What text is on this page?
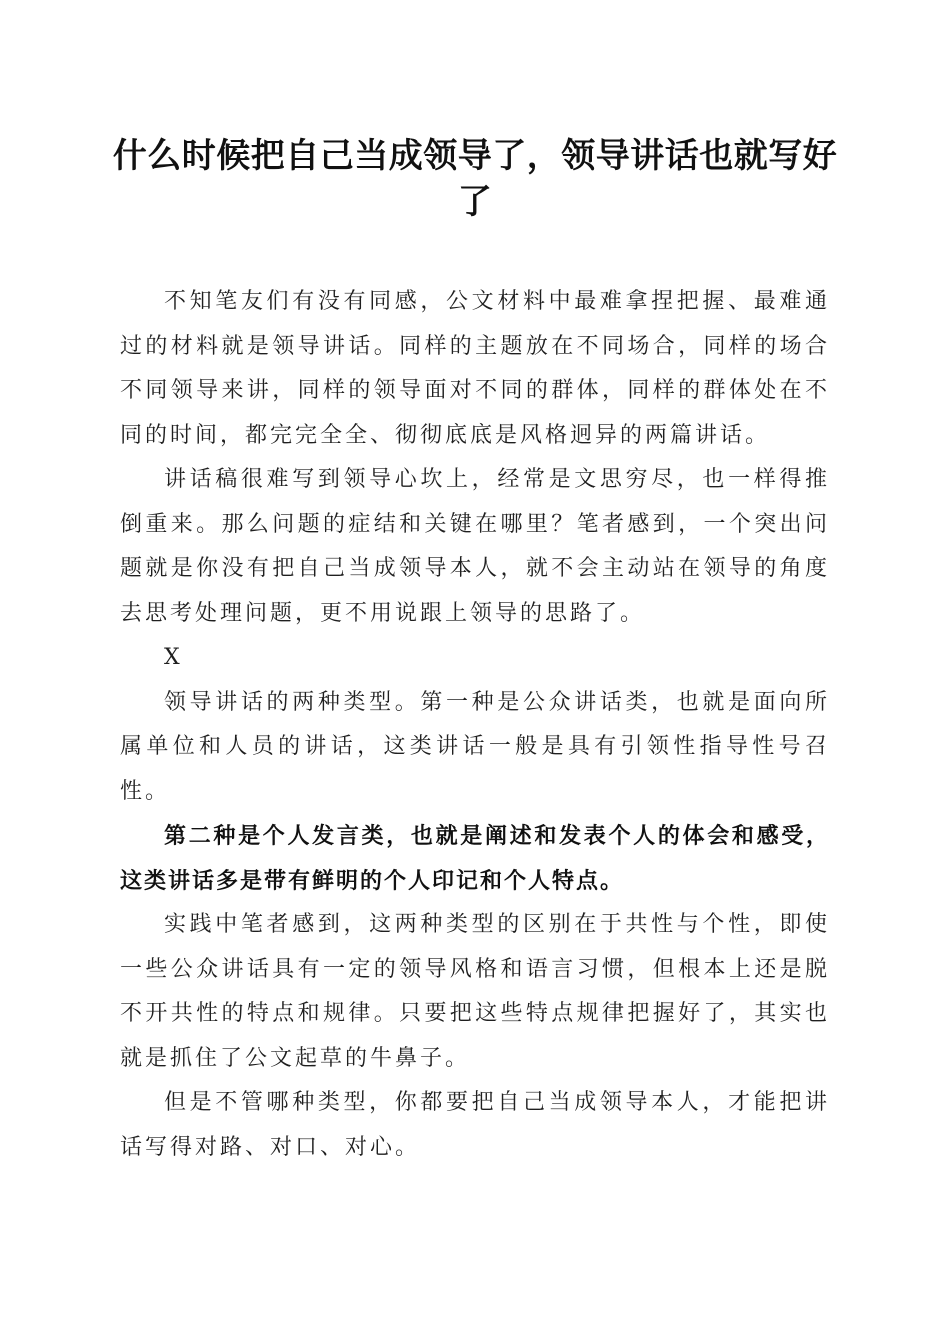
什么时候把自己当成领导了，领导讲话也就写好了

不知笔友们有没有同感，公文材料中最难拿捏把握、最难通过的材料就是领导讲话。同样的主题放在不同场合，同样的场合不同领导来讲，同样的领导面对不同的群体，同样的群体处在不同的时间，都完完全全、彻彻底底是风格迥异的两篇讲话。

讲话稿很难写到领导心坎上，经常是文思穷尽，也一样得推倒重来。那么问题的症结和关键在哪里？笔者感到，一个突出问题就是你没有把自己当成领导本人，就不会主动站在领导的角度去思考处理问题，更不用说跟上领导的思路了。

X

领导讲话的两种类型。第一种是公众讲话类，也就是面向所属单位和人员的讲话，这类讲话一般是具有引领性指导性号召性。

第二种是个人发言类，也就是阐述和发表个人的体会和感受，这类讲话多是带有鲜明的个人印记和个人特点。

实践中笔者感到，这两种类型的区别在于共性与个性，即使一些公众讲话具有一定的领导风格和语言习惯，但根本上还是脱不开共性的特点和规律。只要把这些特点规律把握好了，其实也就是抓住了公文起草的牛鼻子。

但是不管哪种类型，你都要把自己当成领导本人，才能把讲话写得对路、对口、对心。
